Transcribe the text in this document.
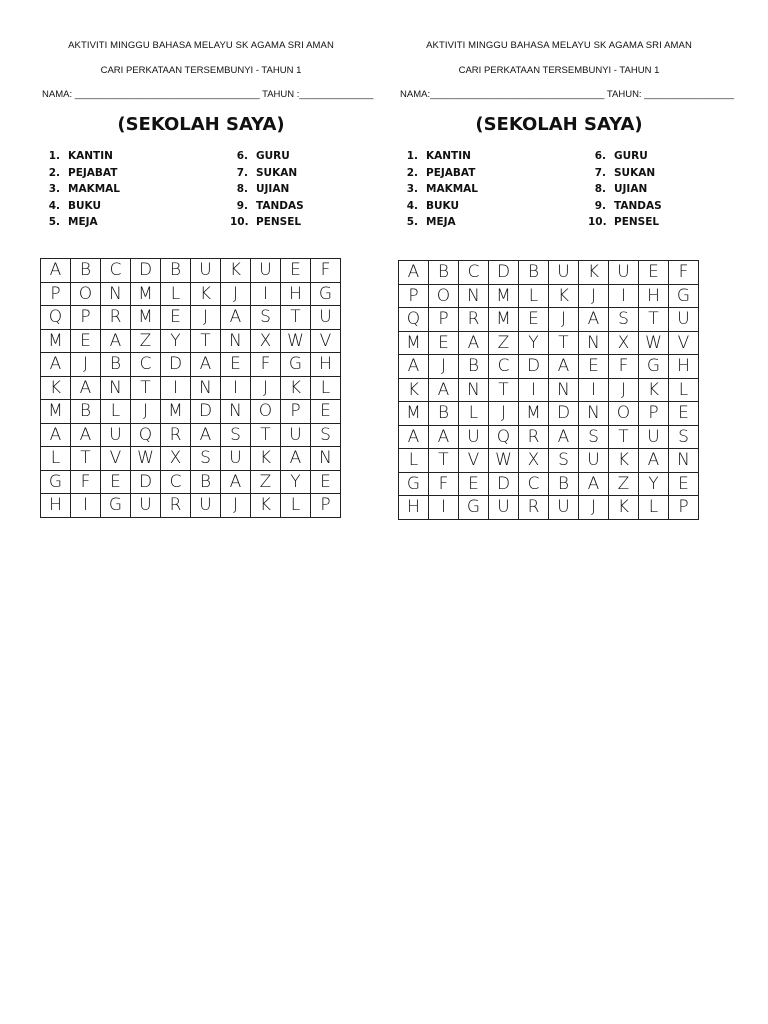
AKTIVITI MINGGU BAHASA MELAYU SK AGAMA SRI AMAN
CARI PERKATAAN TERSEMBUNYI - TAHUN 1
NAMA: ___________________________________ TAHUN :______________
(SEKOLAH SAYA)
1. KANTIN
2. PEJABAT
3. MAKMAL
4. BUKU
5. MEJA
6. GURU
7. SUKAN
8. UJIAN
9. TANDAS
10. PENSEL
A	B	C	D	B	U	K	U	E	F
P	O	N	M	L	K	J	I	H	G
Q	P	R	M	E	J	A	S	T	U
M	E	A	Z	Y	T	N	X	W	V
A	J	B	C	D	A	E	F	G	H
K	A	N	T	I	N	I	J	K	L
M	B	L	J	M	D	N	O	P	E
A	A	U	Q	R	A	S	T	U	S
L	T	V	W	X	S	U	K	A	N
G	F	E	D	C	B	A	Z	Y	E
H	I	G	U	R	U	J	K	L	P
AKTIVITI MINGGU BAHASA MELAYU SK AGAMA SRI AMAN
CARI PERKATAAN TERSEMBUNYI - TAHUN 1
NAMA:_________________________________ TAHUN: _________________
(SEKOLAH SAYA)
1. KANTIN
2. PEJABAT
3. MAKMAL
4. BUKU
5. MEJA
6. GURU
7. SUKAN
8. UJIAN
9. TANDAS
10. PENSEL
A	B	C	D	B	U	K	U	E	F
P	O	N	M	L	K	J	I	H	G
Q	P	R	M	E	J	A	S	T	U
M	E	A	Z	Y	T	N	X	W	V
A	J	B	C	D	A	E	F	G	H
K	A	N	T	I	N	I	J	K	L
M	B	L	J	M	D	N	O	P	E
A	A	U	Q	R	A	S	T	U	S
L	T	V	W	X	S	U	K	A	N
G	F	E	D	C	B	A	Z	Y	E
H	I	G	U	R	U	J	K	L	P
